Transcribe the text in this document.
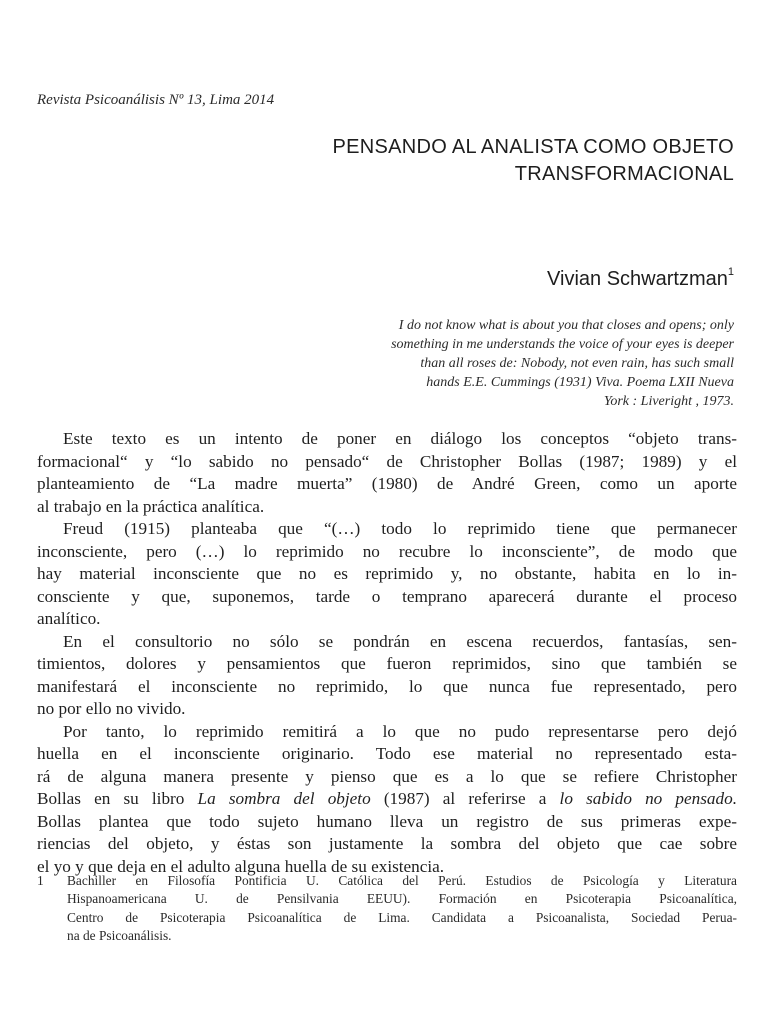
Revista Psicoanálisis Nº 13, Lima 2014
PENSANDO AL ANALISTA COMO OBJETO
TRANSFORMACIONAL
Vivian Schwartzman$^1$
I do not know what is about you that closes and opens; only
something in me understands the voice of your eyes is deeper
than all roses de: Nobody, not even rain, has such small
hands E.E. Cummings (1931) Viva. Poema LXII Nueva
York : Liveright , 1973.
Este texto es un intento de poner en diálogo los conceptos “objeto trans-
formacional“ y “lo sabido no pensado“ de Christopher Bollas (1987; 1989) y el
planteamiento de “La madre muerta” (1980) de André Green, como un aporte
al trabajo en la práctica analítica.
Freud (1915) planteaba que “(…) todo lo reprimido tiene que permanecer
inconsciente, pero (…) lo reprimido no recubre lo inconsciente”, de modo que
hay material inconsciente que no es reprimido y, no obstante, habita en lo in-
consciente y que, suponemos, tarde o temprano aparecerá durante el proceso
analítico.
En el consultorio no sólo se pondrán en escena recuerdos, fantasías, sen-
timientos, dolores y pensamientos que fueron reprimidos, sino que también se
manifestará el inconsciente no reprimido, lo que nunca fue representado, pero
no por ello no vivido.
Por tanto, lo reprimido remitirá a lo que no pudo representarse pero dejó
huella en el inconsciente originario. Todo ese material no representado esta-
rá de alguna manera presente y pienso que es a lo que se refiere Christopher
Bollas en su libro La sombra del objeto (1987) al referirse a lo sabido no pensado.
Bollas plantea que todo sujeto humano lleva un registro de sus primeras expe-
riencias del objeto, y éstas son justamente la sombra del objeto que cae sobre
el yo y que deja en el adulto alguna huella de su existencia.
1 Bachiller en Filosofía Pontificia U. Católica del Perú. Estudios de Psicología y Literatura
Hispanoamericana U. de Pensilvania EEUU). Formación en Psicoterapia Psicoanalítica,
Centro de Psicoterapia Psicoanalítica de Lima. Candidata a Psicoanalista, Sociedad Perua-
na de Psicoanálisis.
